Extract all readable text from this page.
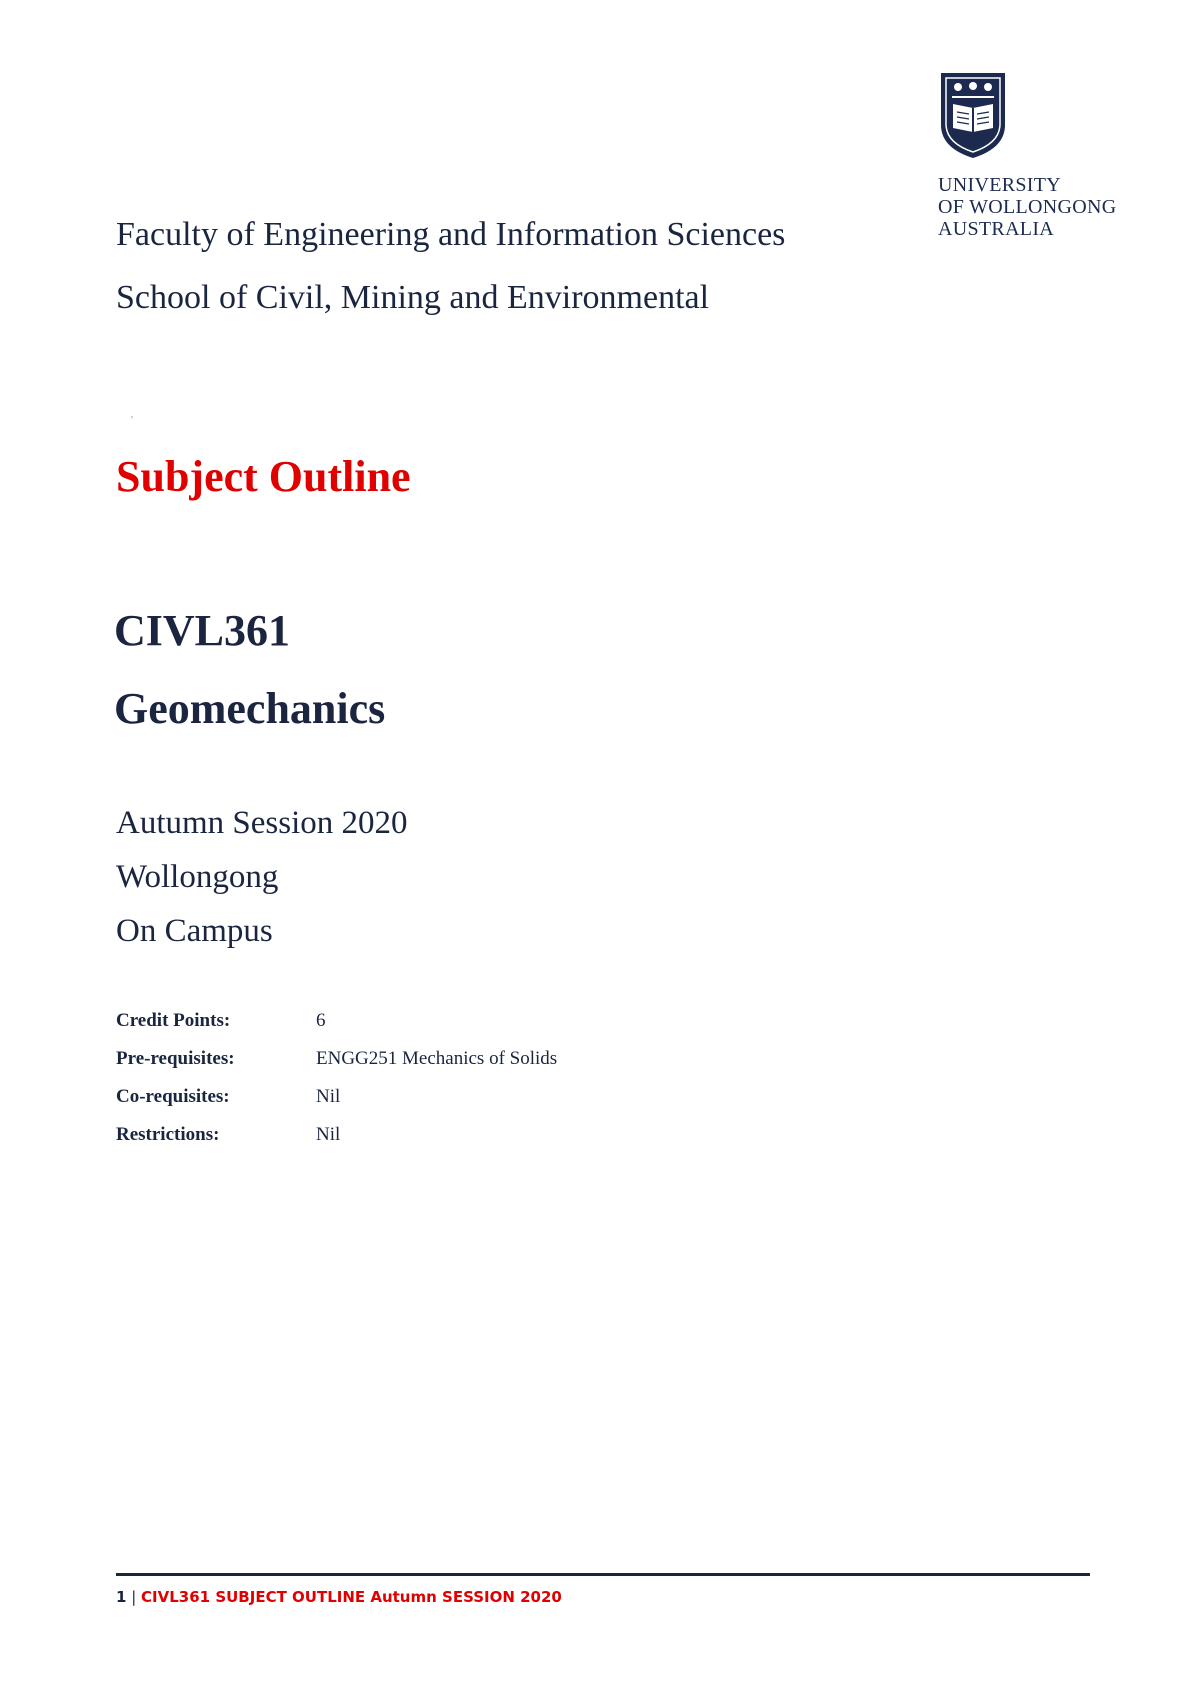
UNIVERSITY
OF WOLLONGONG
AUSTRALIA
Faculty of Engineering and Information Sciences
School of Civil, Mining and Environmental
'
Subject Outline
CIVL361
Geomechanics
Autumn Session 2020
Wollongong
On Campus
Credit Points:	6
Pre-requisites:	ENGG251 Mechanics of Solids
Co-requisites:	Nil
Restrictions:	Nil
1 | CIVL361 SUBJECT OUTLINE Autumn SESSION 2020
